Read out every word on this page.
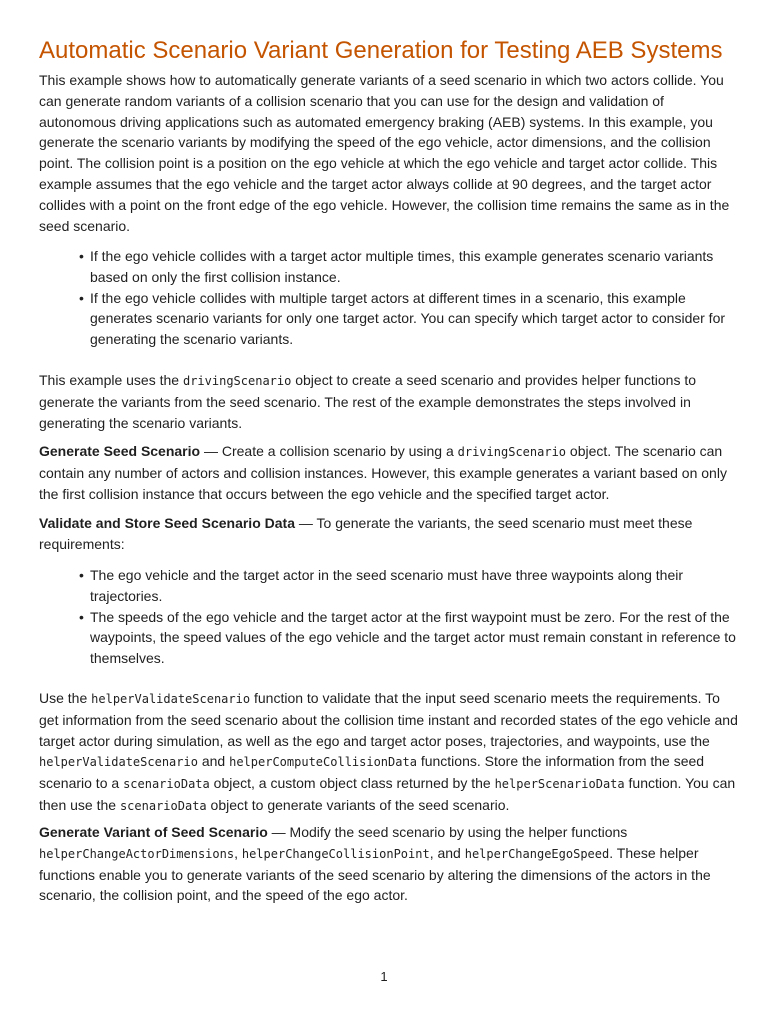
Automatic Scenario Variant Generation for Testing AEB Systems

This example shows how to automatically generate variants of a seed scenario in which two actors collide. You can generate random variants of a collision scenario that you can use for the design and validation of autonomous driving applications such as automated emergency braking (AEB) systems. In this example, you generate the scenario variants by modifying the speed of the ego vehicle, actor dimensions, and the collision point. The collision point is a position on the ego vehicle at which the ego vehicle and target actor collide. This example assumes that the ego vehicle and the target actor always collide at 90 degrees, and the target actor collides with a point on the front edge of the ego vehicle. However, the collision time remains the same as in the seed scenario.

• If the ego vehicle collides with a target actor multiple times, this example generates scenario variants based on only the first collision instance.
• If the ego vehicle collides with multiple target actors at different times in a scenario, this example generates scenario variants for only one target actor. You can specify which target actor to consider for generating the scenario variants.

This example uses the drivingScenario object to create a seed scenario and provides helper functions to generate the variants from the seed scenario. The rest of the example demonstrates the steps involved in generating the scenario variants.

Generate Seed Scenario — Create a collision scenario by using a drivingScenario object. The scenario can contain any number of actors and collision instances. However, this example generates a variant based on only the first collision instance that occurs between the ego vehicle and the specified target actor.

Validate and Store Seed Scenario Data — To generate the variants, the seed scenario must meet these requirements:

• The ego vehicle and the target actor in the seed scenario must have three waypoints along their trajectories.
• The speeds of the ego vehicle and the target actor at the first waypoint must be zero. For the rest of the waypoints, the speed values of the ego vehicle and the target actor must remain constant in reference to themselves.

Use the helperValidateScenario function to validate that the input seed scenario meets the requirements. To get information from the seed scenario about the collision time instant and recorded states of the ego vehicle and target actor during simulation, as well as the ego and target actor poses, trajectories, and waypoints, use the helperValidateScenario and helperComputeCollisionData functions. Store the information from the seed scenario to a scenarioData object, a custom object class returned by the helperScenarioData function. You can then use the scenarioData object to generate variants of the seed scenario.

Generate Variant of Seed Scenario — Modify the seed scenario by using the helper functions helperChangeActorDimensions, helperChangeCollisionPoint, and helperChangeEgoSpeed. These helper functions enable you to generate variants of the seed scenario by altering the dimensions of the actors in the scenario, the collision point, and the speed of the ego actor.

1
